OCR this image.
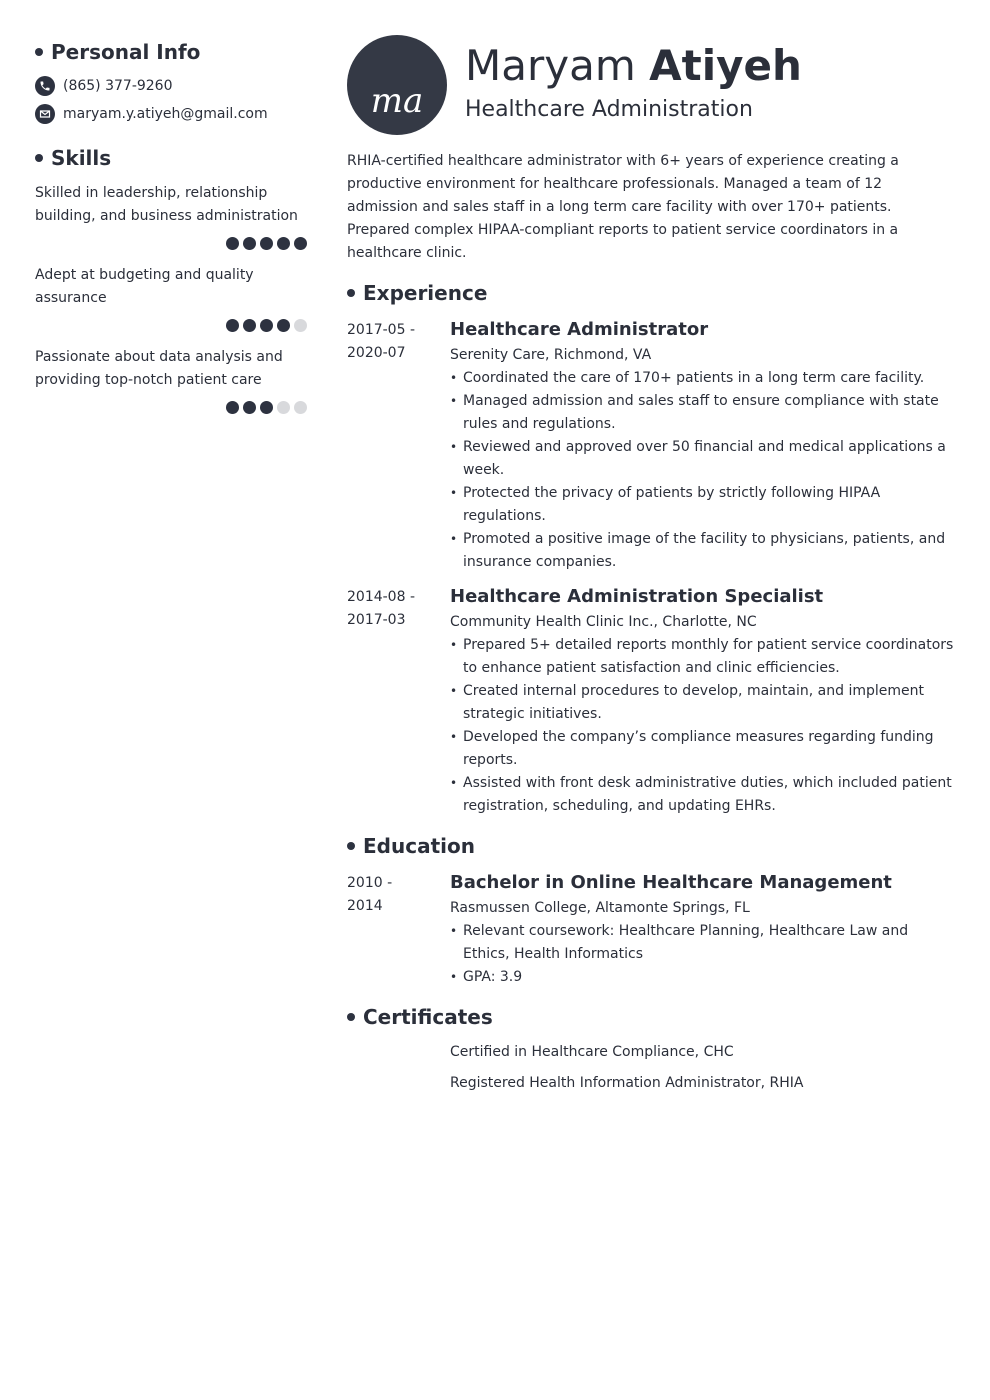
Personal Info
(865) 377-9260
maryam.y.atiyeh@gmail.com
Skills
Skilled in leadership, relationship building, and business administration
Adept at budgeting and quality assurance
Passionate about data analysis and providing top-notch patient care
ma
Maryam Atiyeh
Healthcare Administration

RHIA-certified healthcare administrator with 6+ years of experience creating a productive environment for healthcare professionals. Managed a team of 12 admission and sales staff in a long term care facility with over 170+ patients. Prepared complex HIPAA-compliant reports to patient service coordinators in a healthcare clinic.

Experience
2017-05 -
2020-07
Healthcare Administrator
Serenity Care, Richmond, VA
• Coordinated the care of 170+ patients in a long term care facility.
• Managed admission and sales staff to ensure compliance with state rules and regulations.
• Reviewed and approved over 50 financial and medical applications a week.
• Protected the privacy of patients by strictly following HIPAA regulations.
• Promoted a positive image of the facility to physicians, patients, and insurance companies.
2014-08 -
2017-03
Healthcare Administration Specialist
Community Health Clinic Inc., Charlotte, NC
• Prepared 5+ detailed reports monthly for patient service coordinators to enhance patient satisfaction and clinic efficiencies.
• Created internal procedures to develop, maintain, and implement strategic initiatives.
• Developed the company’s compliance measures regarding funding reports.
• Assisted with front desk administrative duties, which included patient registration, scheduling, and updating EHRs.
Education
2010 -
2014
Bachelor in Online Healthcare Management
Rasmussen College, Altamonte Springs, FL
• Relevant coursework: Healthcare Planning, Healthcare Law and Ethics, Health Informatics
• GPA: 3.9
Certificates
Certified in Healthcare Compliance, CHC
Registered Health Information Administrator, RHIA
